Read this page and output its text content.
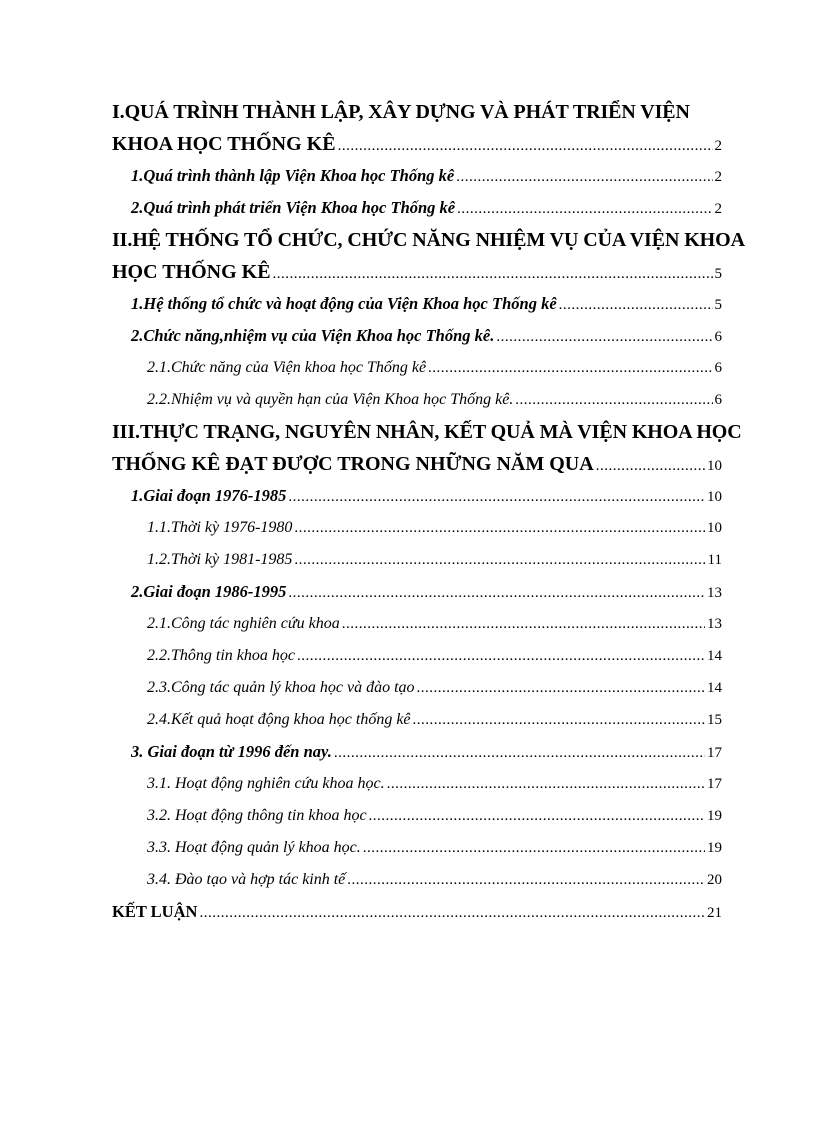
I.QUÁ TRÌNH THÀNH LẬP, XÂY DỰNG VÀ PHÁT TRIỂN VIỆN
KHOA HỌC THỐNG KÊ .....	2
1.Quá trình thành lập Viện Khoa học Thống kê .....	2
2.Quá trình phát triển Viện Khoa học Thống kê .....	2
II.HỆ THỐNG TỔ CHỨC, CHỨC NĂNG NHIỆM VỤ CỦA VIỆN KHOA
HỌC THỐNG KÊ .....	5
1.Hệ thống tổ chức và hoạt động của Viện Khoa học Thống kê .....	5
2.Chức năng,nhiệm vụ của Viện Khoa học Thống kê. .....	6
2.1.Chức năng của Viện khoa học Thống kê .....	6
2.2.Nhiệm vụ và quyền hạn của Viện Khoa học Thống kê. .....	6
III.THỰC TRẠNG, NGUYÊN NHÂN, KẾT QUẢ MÀ VIỆN KHOA HỌC
THỐNG KÊ ĐẠT ĐƯỢC TRONG NHỮNG NĂM QUA .....	10
1.Giai đoạn 1976-1985 .....	10
1.1.Thời kỳ 1976-1980 .....	10
1.2.Thời kỳ 1981-1985 .....	11
2.Giai đoạn 1986-1995 .....	13
2.1.Công tác nghiên cứu khoa .....	13
2.2.Thông tin khoa học .....	14
2.3.Công tác quản lý khoa học và đào tạo .....	14
2.4.Kết quả hoạt động khoa học thống kê .....	15
3. Giai đoạn từ 1996 đến nay. .....	17
3.1. Hoạt động nghiên cứu khoa học. .....	17
3.2. Hoạt động thông tin khoa học .....	19
3.3. Hoạt động quản lý khoa học. .....	19
3.4. Đào tạo và hợp tác kinh tế .....	20
KẾT LUẬN .....	21
